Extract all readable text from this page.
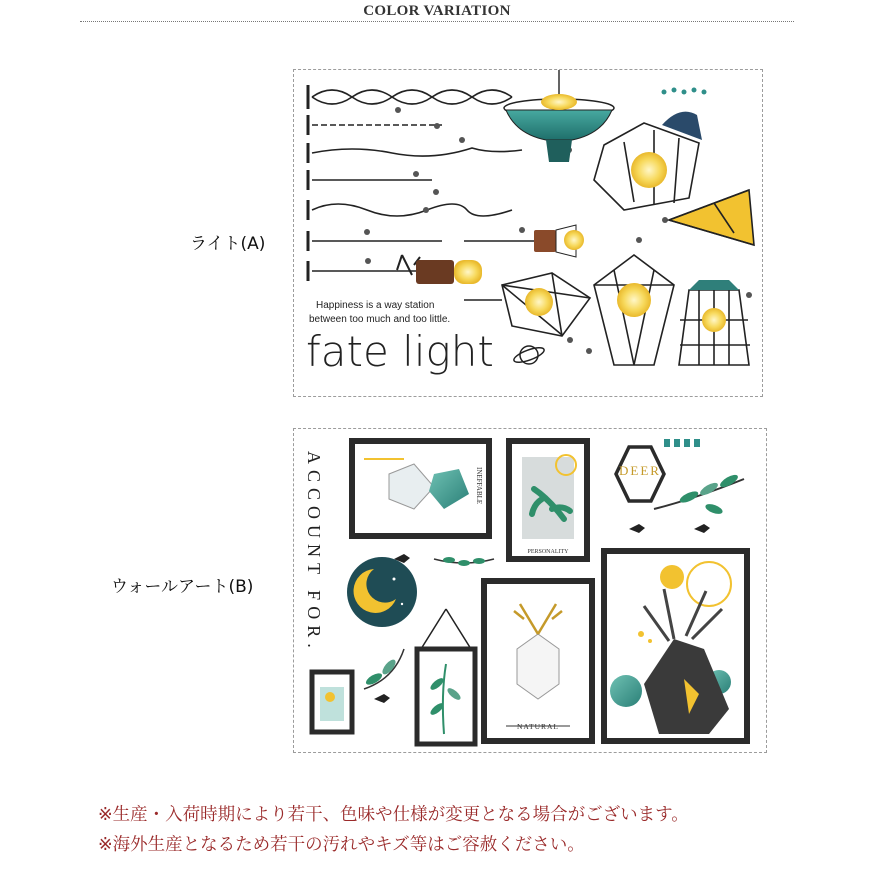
COLOR VARIATION
ライト(A)
ウォールアート(B)
Happiness is a way station
between too much and too little.
fate light
ACCOUNT FOR.	INEFFABLE
PERSONALITY
DEER
NATURAL
※生産・入荷時期により若干、色味や仕様が変更となる場合がございます。
※海外生産となるため若干の汚れやキズ等はご容赦ください。
